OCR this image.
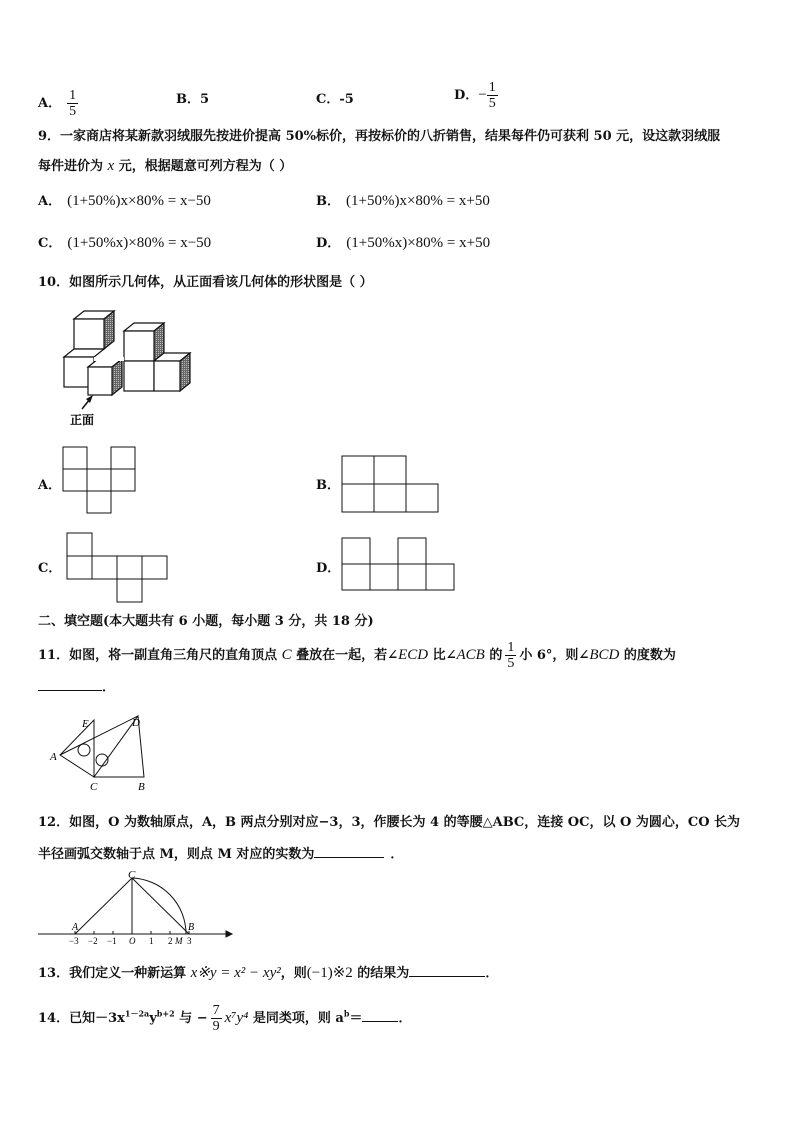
A． $\frac{1}{5}$	B．5	C．-5	D．− $\frac{1}{5}$
9．一家商店将某新款羽绒服先按进价提高 50%标价，再按标价的八折销售，结果每件仍可获利 50 元，设这款羽绒服
每件进价为 x 元，根据题意可列方程为（ ）
A． (1+50%)x×80% = x−50	B． (1+50%)x×80% = x+50
C． (1+50%x)×80% = x−50	D． (1+50%x)×80% = x+50
10．如图所示几何体，从正面看该几何体的形状图是（ ）
正面
A．	B．
C．	D．
二、填空题(本大题共有 6 小题，每小题 3 分，共 18 分)
11．如图，将一副直角三角尺的直角顶点 C 叠放在一起，若∠ECD 比∠ACB 的 $\frac{1}{5}$ 小 6°，则∠BCD 的度数为
．
E	D
A
C	B
12．如图，O 为数轴原点，A，B 两点分别对应−3，3，作腰长为 4 的等腰△ABC，连接 OC，以 O 为圆心，CO 长为
半径画弧交数轴于点 M，则点 M 对应的实数为	．
C
A	B
−3 −2 −1 O 1 2 M 3
13．我们定义一种新运算 x※y = x² − xy²，则(−1)※2 的结果为	．
14．已知$-3x^{1-2a}y^{b+2}$ 与 − $\frac{7}{9} x^7y^4$ 是同类项，则 $a^b=$	．
